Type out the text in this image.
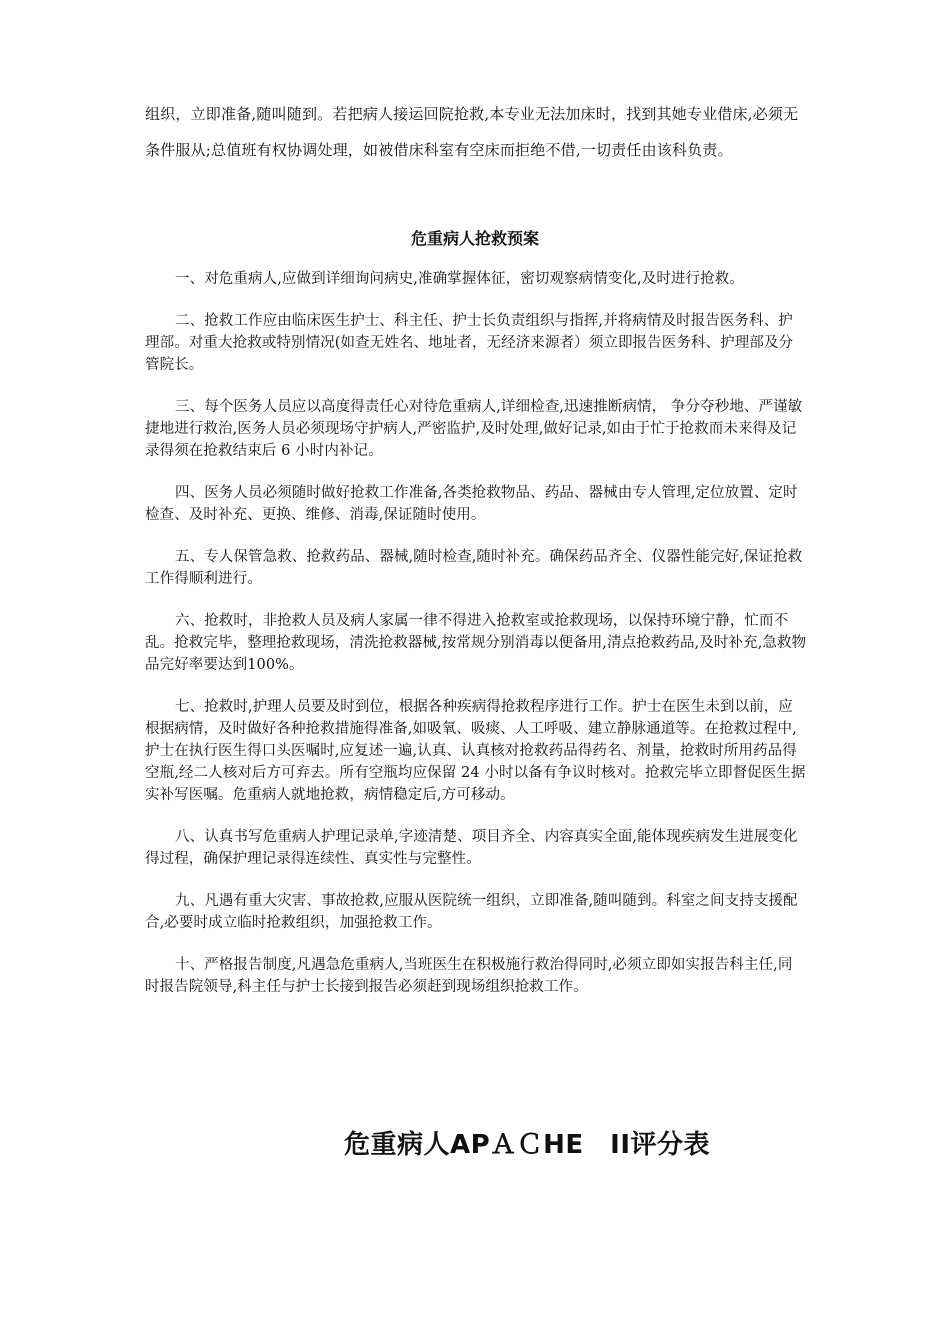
组织，立即准备,随叫随到。若把病人接运回院抢救,本专业无法加床时，找到其她专业借床,必须无条件服从;总值班有权协调处理，如被借床科室有空床而拒绝不借,一切责任由该科负责。

危重病人抢救预案
一、对危重病人,应做到详细询问病史,准确掌握体征，密切观察病情变化,及时进行抢救。
二、抢救工作应由临床医生护士、科主任、护士长负责组织与指挥,并将病情及时报告医务科、护理部。对重大抢救或特别情况(如查无姓名、地址者，无经济来源者）须立即报告医务科、护理部及分管院长。
三、每个医务人员应以高度得责任心对待危重病人,详细检查,迅速推断病情， 争分夺秒地、严谨敏捷地进行救治,医务人员必须现场守护病人,严密监护,及时处理,做好记录,如由于忙于抢救而未来得及记录得须在抢救结束后 6 小时内补记。
四、医务人员必须随时做好抢救工作准备,各类抢救物品、药品、器械由专人管理,定位放置、定时检查、及时补充、更换、维修、消毒,保证随时使用。
五、专人保管急救、抢救药品、器械,随时检查,随时补充。确保药品齐全、仪器性能完好,保证抢救工作得顺利进行。
六、抢救时，非抢救人员及病人家属一律不得进入抢救室或抢救现场，以保持环境宁静，忙而不乱。抢救完毕，整理抢救现场，清洗抢救器械,按常规分别消毒以便备用,清点抢救药品,及时补充,急救物品完好率要达到100%。
七、抢救时,护理人员要及时到位，根据各种疾病得抢救程序进行工作。护士在医生未到以前，应根据病情，及时做好各种抢救措施得准备,如吸氧、吸痰、人工呼吸、建立静脉通道等。在抢救过程中,护士在执行医生得口头医嘱时,应复述一遍,认真、认真核对抢救药品得药名、剂量，抢救时所用药品得空瓶,经二人核对后方可弃去。所有空瓶均应保留 24 小时以备有争议时核对。抢救完毕立即督促医生据实补写医嘱。危重病人就地抢救，病情稳定后,方可移动。
八、认真书写危重病人护理记录单,字迹清楚、项目齐全、内容真实全面,能体现疾病发生进展变化得过程，确保护理记录得连续性、真实性与完整性。
九、凡遇有重大灾害、事故抢救,应服从医院统一组织，立即准备,随叫随到。科室之间支持支援配合,必要时成立临时抢救组织，加强抢救工作。
十、严格报告制度,凡遇急危重病人,当班医生在积极施行救治得同时,必须立即如实报告科主任,同时报告院领导,科主任与护士长接到报告必须赶到现场组织抢救工作。
危重病人APＡＣHE　II评分表
